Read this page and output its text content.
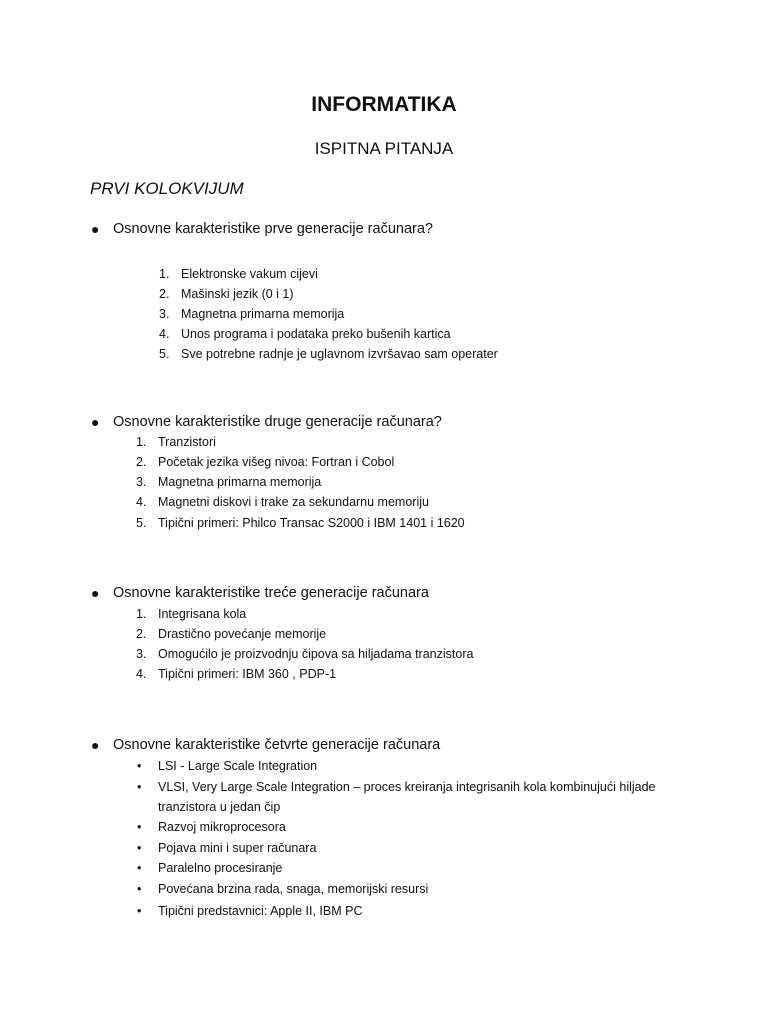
INFORMATIKA
ISPITNA PITANJA
PRVI KOLOKVIJUM
● Osnovne karakteristike prve generacije računara?
1. Elektronske vakum cijevi
2. Mašinski jezik (0 i 1)
3. Magnetna primarna memorija
4. Unos programa i podataka preko bušenih kartica
5. Sve potrebne radnje je uglavnom izvršavao sam operater
● Osnovne karakteristike druge generacije računara?
1. Tranzistori
2. Početak jezika višeg nivoa: Fortran i Cobol
3. Magnetna primarna memorija
4. Magnetni diskovi i trake za sekundarnu memoriju
5. Tipični primeri: Philco Transac S2000 i IBM 1401 i 1620
● Osnovne karakteristike treće generacije računara
1. Integrisana kola
2. Drastično povećanje memorije
3. Omogućilo je proizvodnju čipova sa hiljadama tranzistora
4. Tipični primeri: IBM 360 , PDP-1
● Osnovne karakteristike četvrte generacije računara
• LSI - Large Scale Integration
• VLSI, Very Large Scale Integration – proces kreiranja integrisanih kola kombinujući hiljade
tranzistora u jedan čip
• Razvoj mikroprocesora
• Pojava mini i super računara
• Paralelno procesiranje
• Povećana brzina rada, snaga, memorijski resursi
• Tipični predstavnici: Apple II, IBM PC
